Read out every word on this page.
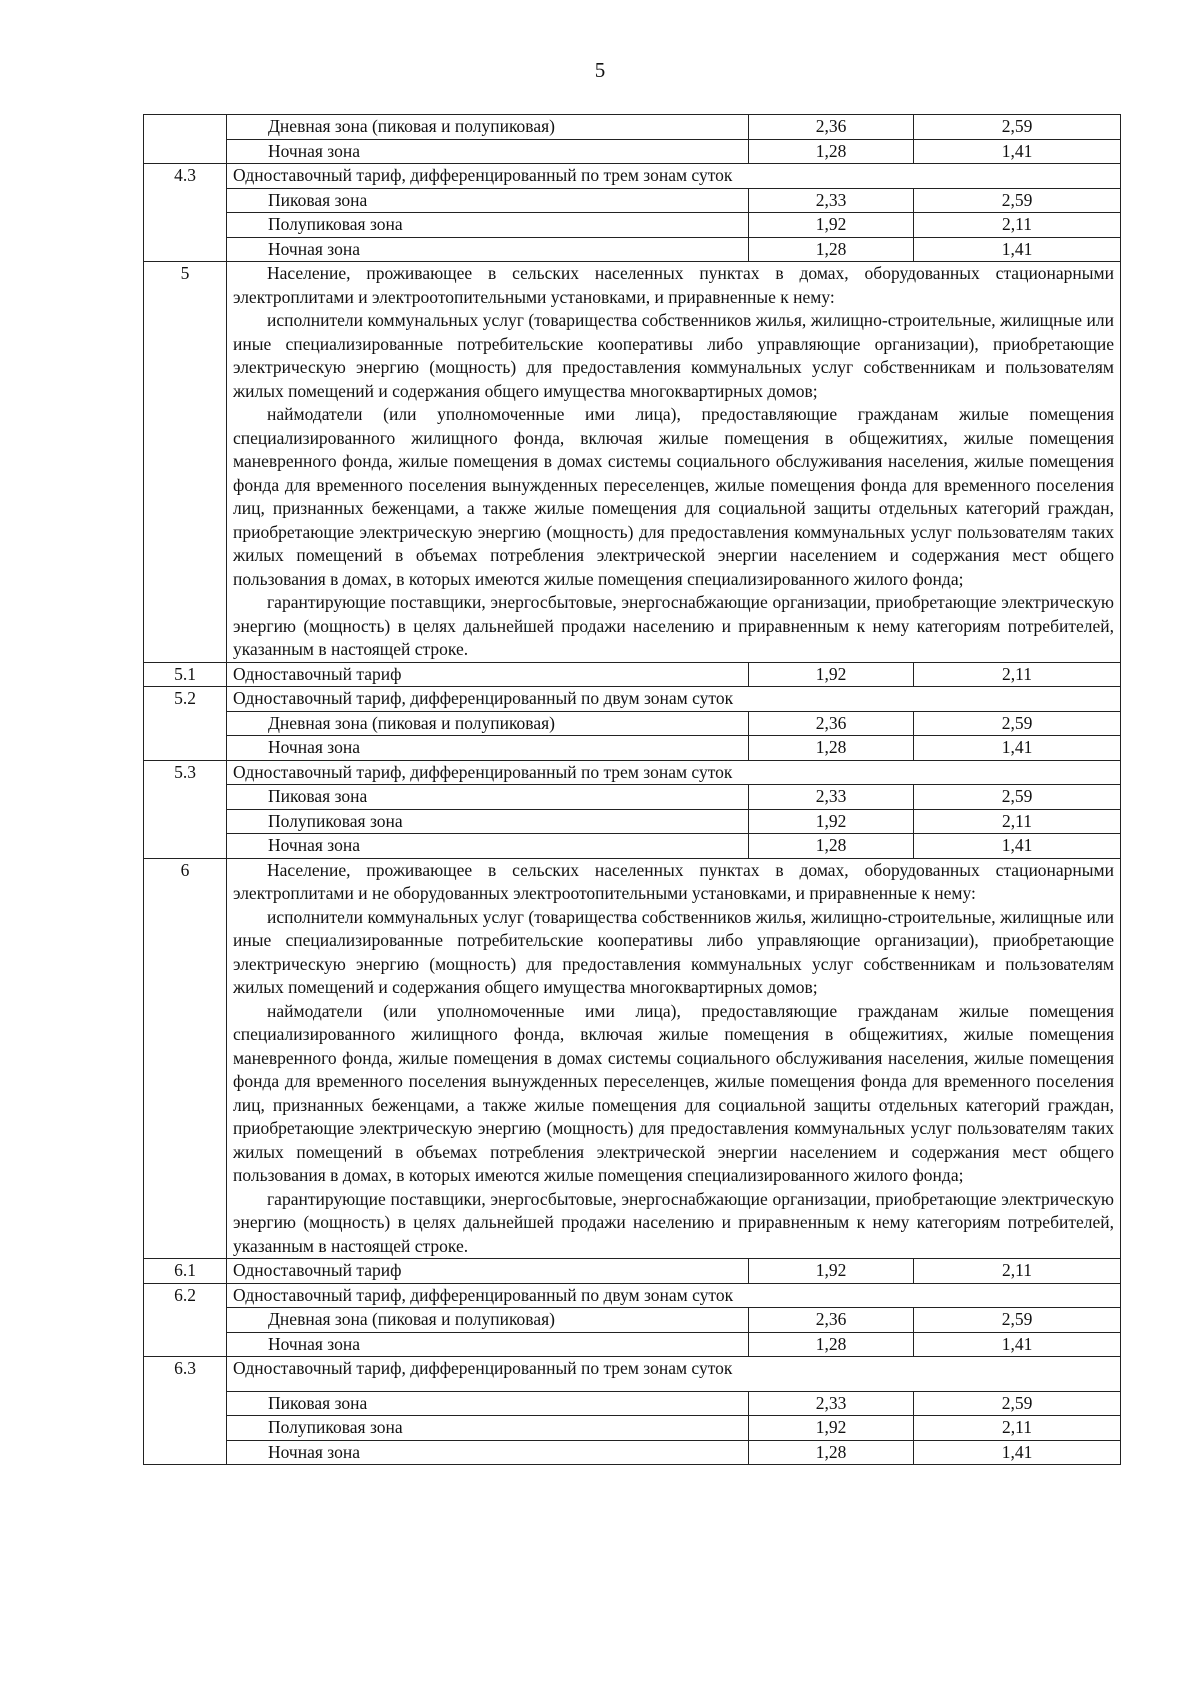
5
	Дневная зона (пиковая и полупиковая)	2,36	2,59
	Ночная зона	1,28	1,41
4.3	Одноставочный тариф, дифференцированный по трем зонам суток		
	Пиковая зона	2,33	2,59
	Полупиковая зона	1,92	2,11
	Ночная зона	1,28	1,41
5	Население, проживающее в сельских населенных пунктах в домах, оборудованных стационарными электроплитами и электроотопительными установками, и приравненные к нему:

исполнители коммунальных услуг (товарищества собственников жилья, жилищно-строительные, жилищные или иные специализированные потребительские кооперативы либо управляющие организации), приобретающие электрическую энергию (мощность) для предоставления коммунальных услуг собственникам и пользователям жилых помещений и содержания общего имущества многоквартирных домов;

наймодатели (или уполномоченные ими лица), предоставляющие гражданам жилые помещения специализированного жилищного фонда, включая жилые помещения в общежитиях, жилые помещения маневренного фонда, жилые помещения в домах системы социального обслуживания населения, жилые помещения фонда для временного поселения вынужденных переселенцев, жилые помещения фонда для временного поселения лиц, признанных беженцами, а также жилые помещения для социальной защиты отдельных категорий граждан, приобретающие электрическую энергию (мощность) для предоставления коммунальных услуг пользователям таких жилых помещений в объемах потребления электрической энергии населением и содержания мест общего пользования в домах, в которых имеются жилые помещения специализированного жилого фонда;

гарантирующие поставщики, энергосбытовые, энергоснабжающие организации, приобретающие электрическую энергию (мощность) в целях дальнейшей продажи населению и приравненным к нему категориям потребителей, указанным в настоящей строке.		

5.1	Одноставочный тариф	1,92	2,11
5.2	Одноставочный тариф, дифференцированный по двум зонам суток		
	Дневная зона (пиковая и полупиковая)	2,36	2,59
	Ночная зона	1,28	1,41
5.3	Одноставочный тариф, дифференцированный по трем зонам суток		
	Пиковая зона	2,33	2,59
	Полупиковая зона	1,92	2,11
	Ночная зона	1,28	1,41
6	Население, проживающее в сельских населенных пунктах в домах, оборудованных стационарными электроплитами и не оборудованных электроотопительными установками, и приравненные к нему:

исполнители коммунальных услуг (товарищества собственников жилья, жилищно-строительные, жилищные или иные специализированные потребительские кооперативы либо управляющие организации), приобретающие электрическую энергию (мощность) для предоставления коммунальных услуг собственникам и пользователям жилых помещений и содержания общего имущества многоквартирных домов;

наймодатели (или уполномоченные ими лица), предоставляющие гражданам жилые помещения специализированного жилищного фонда, включая жилые помещения в общежитиях, жилые помещения маневренного фонда, жилые помещения в домах системы социального обслуживания населения, жилые помещения фонда для временного поселения вынужденных переселенцев, жилые помещения фонда для временного поселения лиц, признанных беженцами, а также жилые помещения для социальной защиты отдельных категорий граждан, приобретающие электрическую энергию (мощность) для предоставления коммунальных услуг пользователям таких жилых помещений в объемах потребления электрической энергии населением и содержания мест общего пользования в домах, в которых имеются жилые помещения специализированного жилого фонда;

гарантирующие поставщики, энергосбытовые, энергоснабжающие организации, приобретающие электрическую энергию (мощность) в целях дальнейшей продажи населению и приравненным к нему категориям потребителей, указанным в настоящей строке.		

6.1	Одноставочный тариф	1,92	2,11
6.2	Одноставочный тариф, дифференцированный по двум зонам суток		
	Дневная зона (пиковая и полупиковая)	2,36	2,59
	Ночная зона	1,28	1,41
6.3	Одноставочный тариф, дифференцированный по трем зонам суток		
	Пиковая зона	2,33	2,59
	Полупиковая зона	1,92	2,11
	Ночная зона	1,28	1,41
